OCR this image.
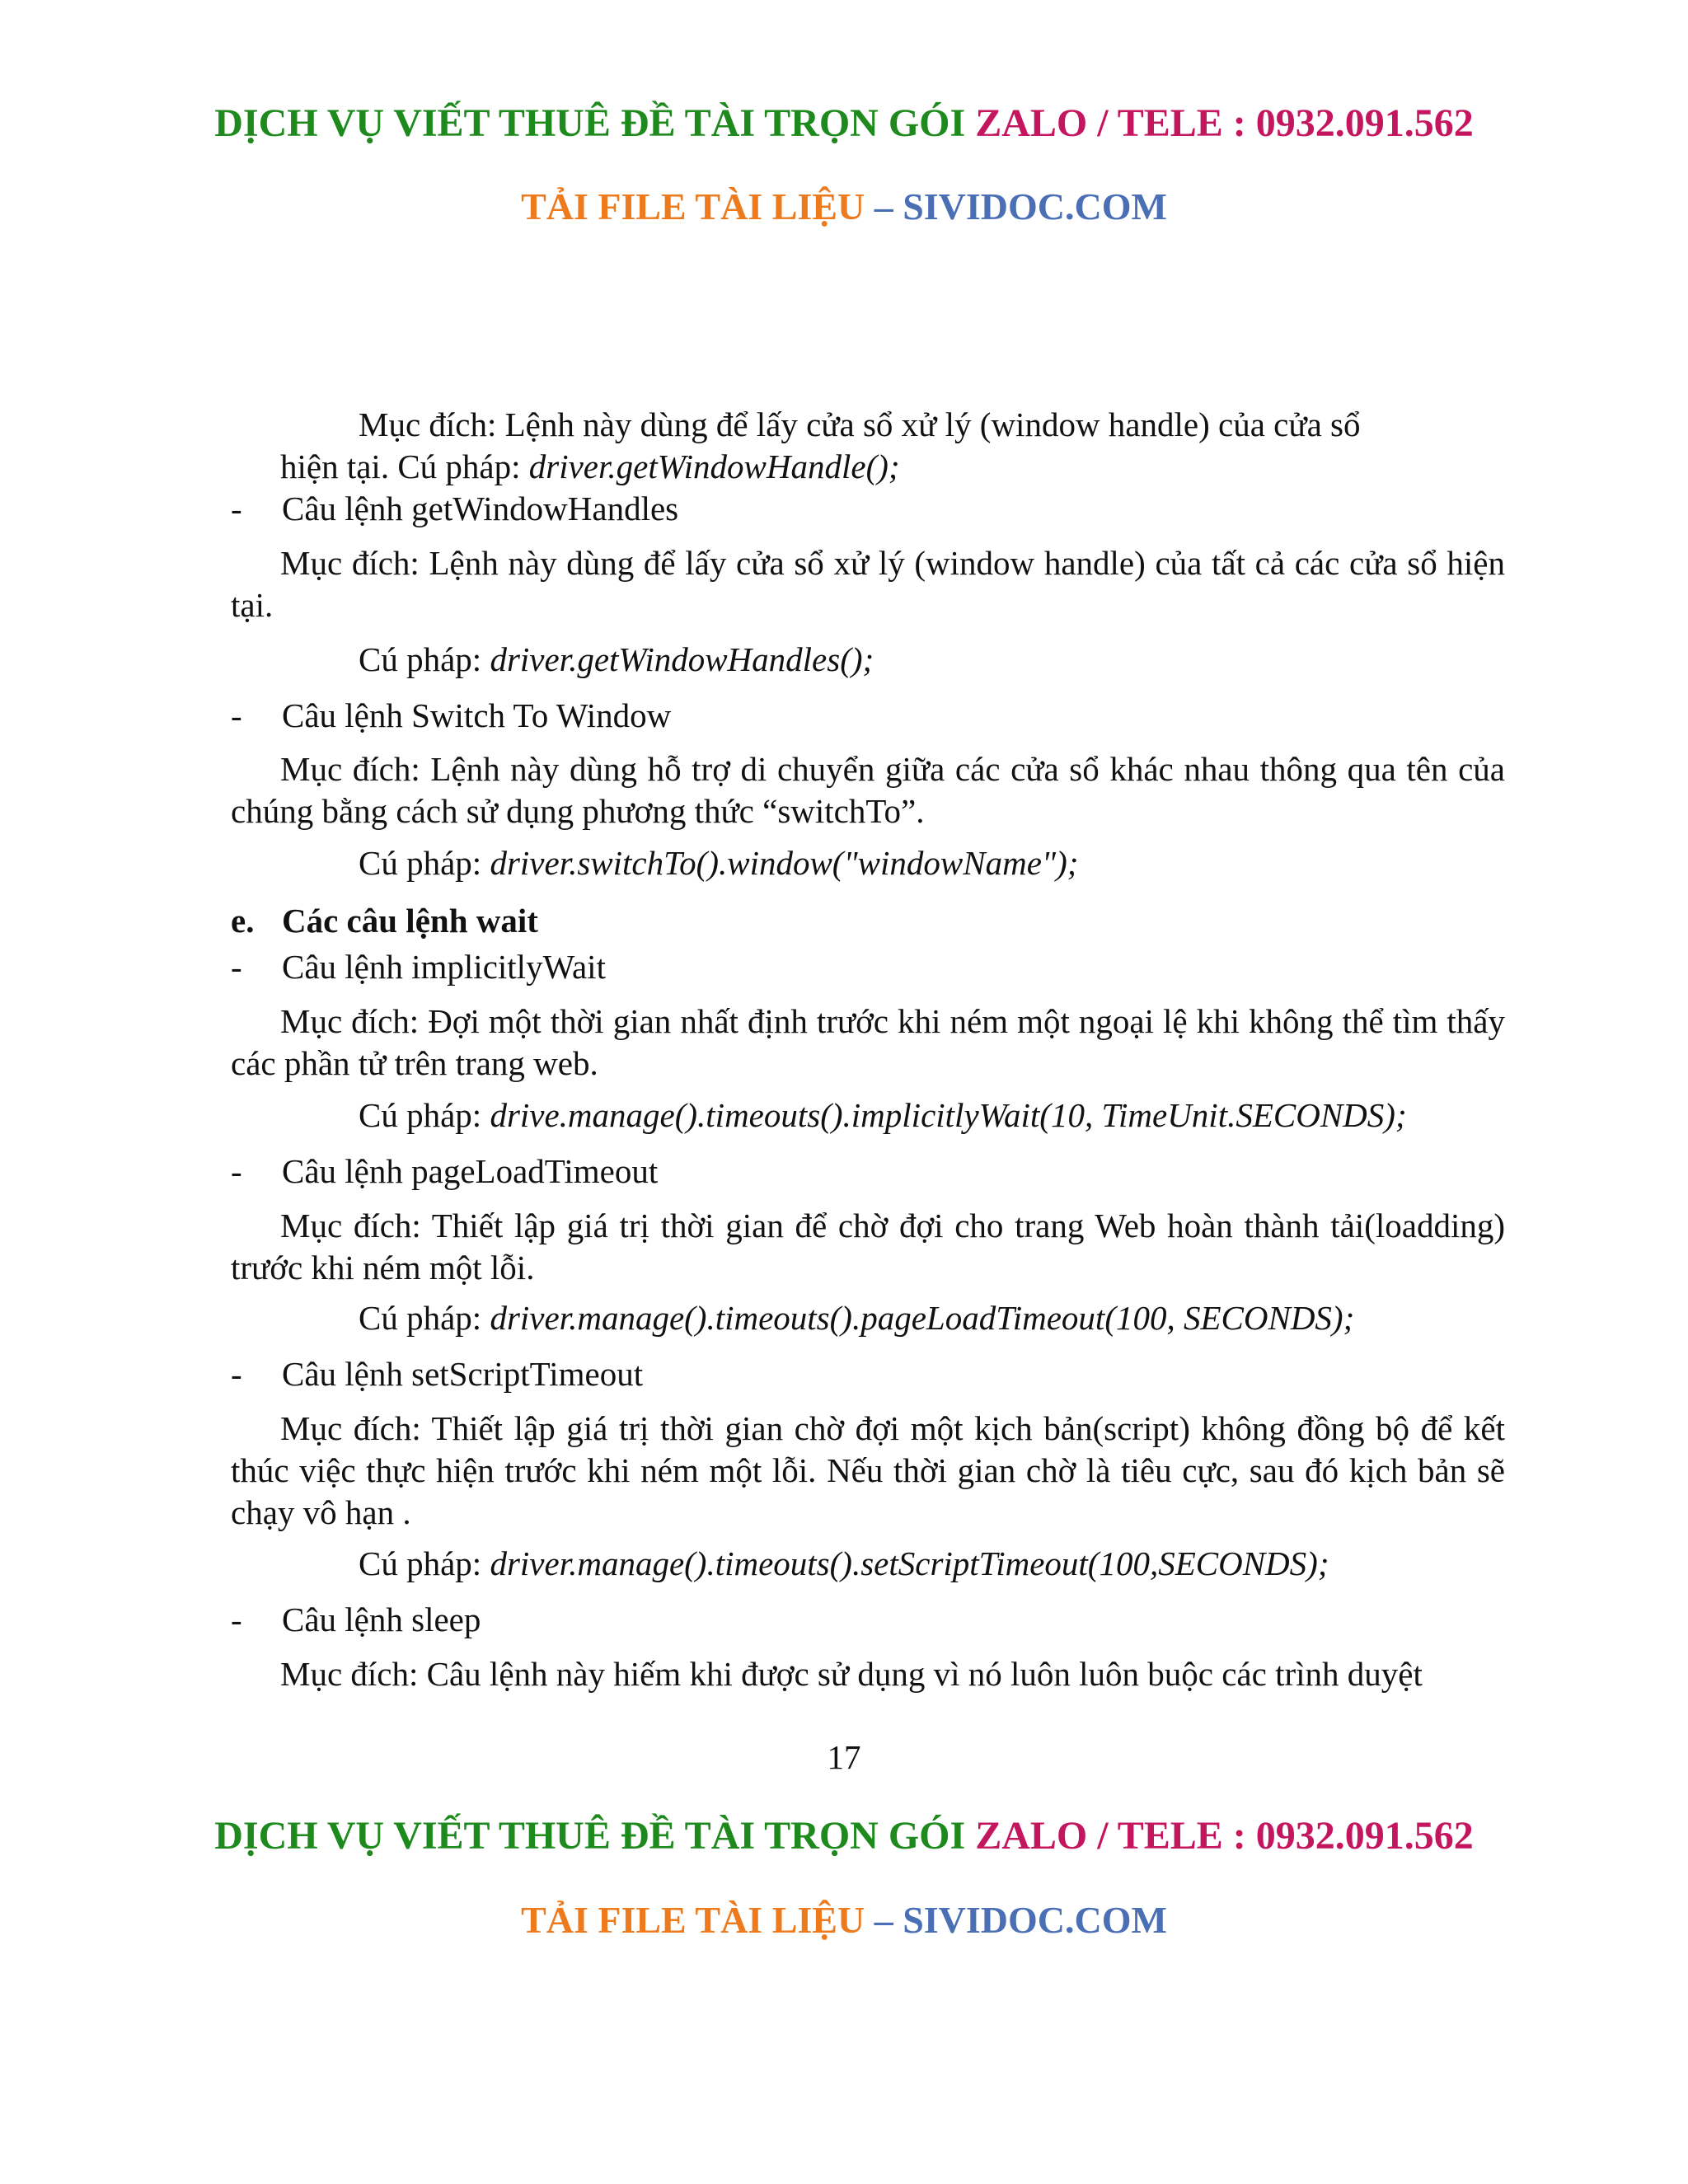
DỊCH VỤ VIẾT THUÊ ĐỀ TÀI TRỌN GÓI ZALO / TELE : 0932.091.562
TẢI FILE TÀI LIỆU – SIVIDOC.COM
Mục đích: Lệnh này dùng để lấy cửa sổ xử lý (window handle) của cửa sổ
hiện tại. Cú pháp: driver.getWindowHandle();
- Câu lệnh getWindowHandles
Mục đích: Lệnh này dùng để lấy cửa sổ xử lý (window handle) của tất cả các cửa sổ hiện tại.
Cú pháp: driver.getWindowHandles();
- Câu lệnh Switch To Window
Mục đích: Lệnh này dùng hỗ trợ di chuyển giữa các cửa sổ khác nhau thông qua tên của chúng bằng cách sử dụng phương thức “switchTo”.
Cú pháp: driver.switchTo().window("windowName");
e. Các câu lệnh wait
- Câu lệnh implicitlyWait
Mục đích: Đợi một thời gian nhất định trước khi ném một ngoại lệ khi không thể tìm thấy các phần tử trên trang web.
Cú pháp: drive.manage().timeouts().implicitlyWait(10, TimeUnit.SECONDS);
- Câu lệnh pageLoadTimeout
Mục đích: Thiết lập giá trị thời gian để chờ đợi cho trang Web hoàn thành tải(loadding) trước khi ném một lỗi.
Cú pháp: driver.manage().timeouts().pageLoadTimeout(100, SECONDS);
- Câu lệnh setScriptTimeout
Mục đích: Thiết lập giá trị thời gian chờ đợi một kịch bản(script) không đồng bộ để kết thúc việc thực hiện trước khi ném một lỗi. Nếu thời gian chờ là tiêu cực, sau đó kịch bản sẽ chạy vô hạn .
Cú pháp: driver.manage().timeouts().setScriptTimeout(100,SECONDS);
- Câu lệnh sleep
Mục đích: Câu lệnh này hiếm khi được sử dụng vì nó luôn luôn buộc các trình duyệt
17
DỊCH VỤ VIẾT THUÊ ĐỀ TÀI TRỌN GÓI ZALO / TELE : 0932.091.562
TẢI FILE TÀI LIỆU – SIVIDOC.COM
